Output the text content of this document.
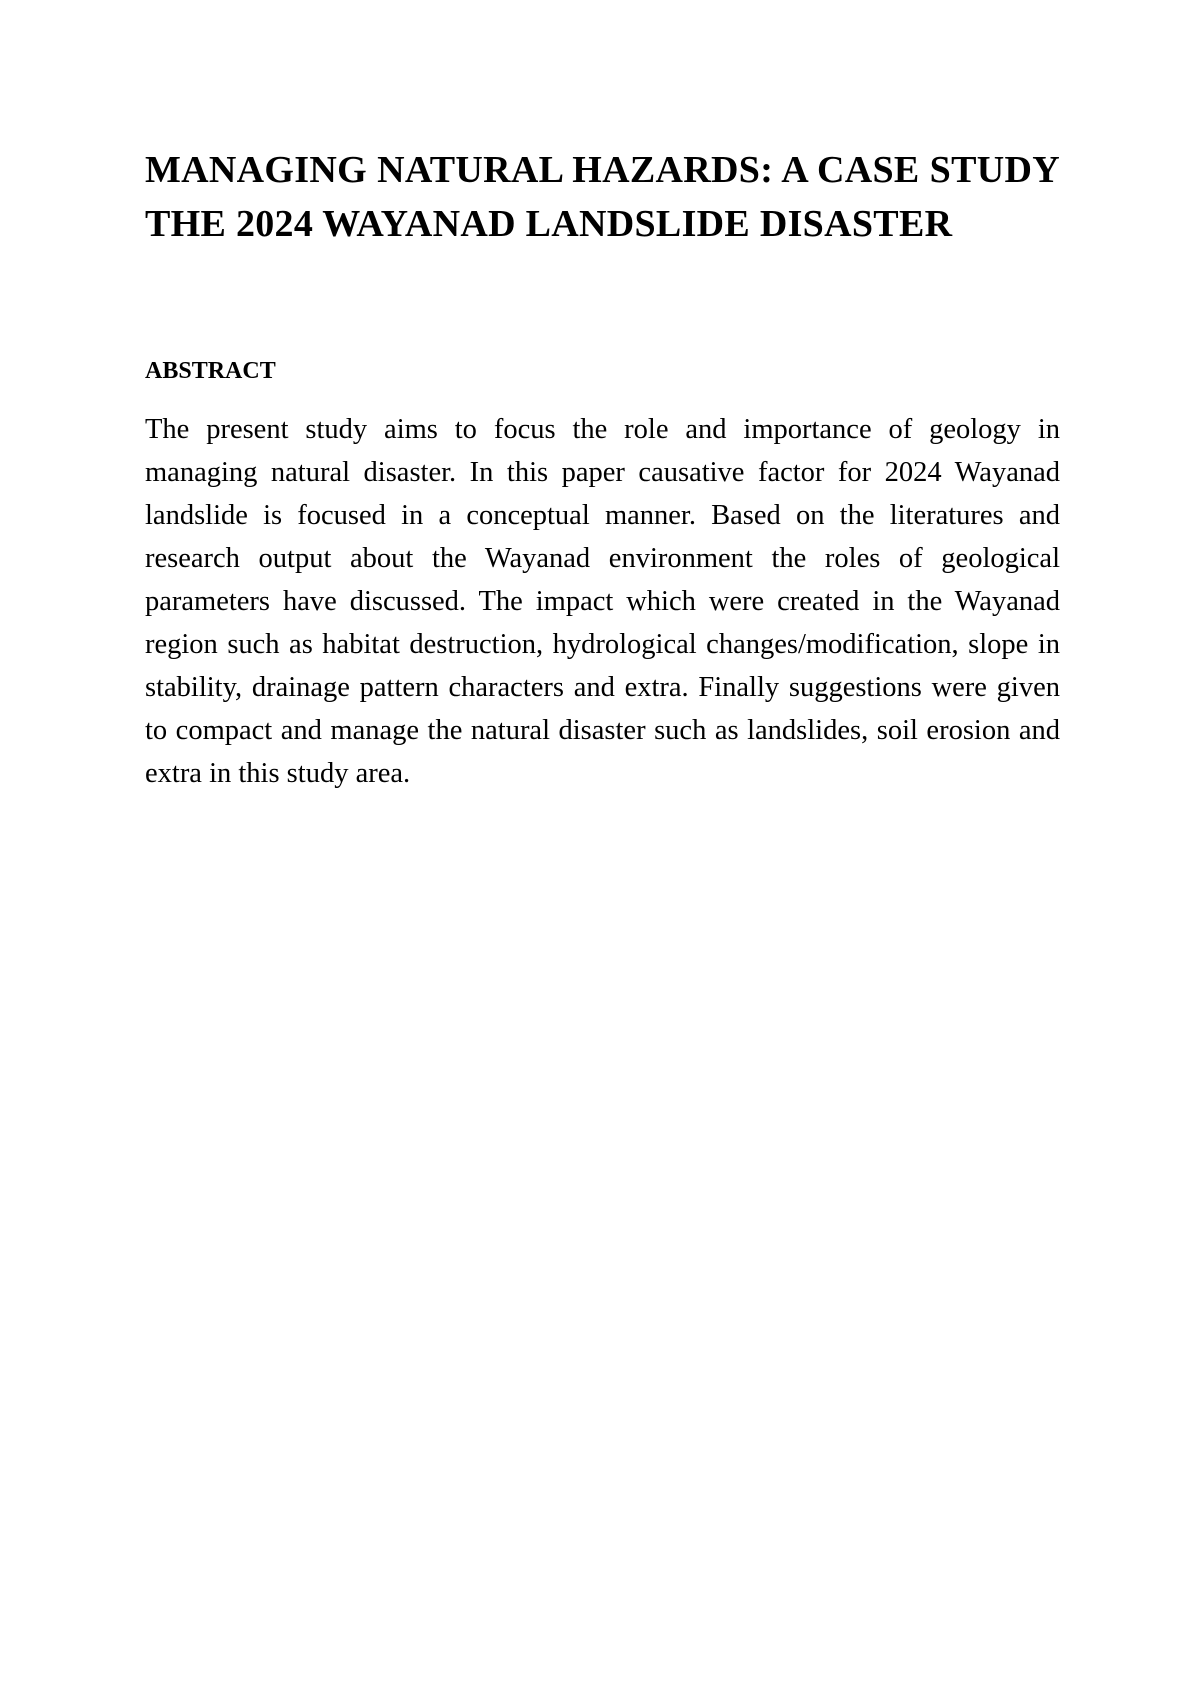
MANAGING NATURAL HAZARDS: A CASE STUDY THE 2024 WAYANAD LANDSLIDE DISASTER
ABSTRACT

The present study aims to focus the role and importance of geology in managing natural disaster. In this paper causative factor for 2024 Wayanad landslide is focused in a conceptual manner. Based on the literatures and research output about the Wayanad environment the roles of geological parameters have discussed. The impact which were created in the Wayanad region such as habitat destruction, hydrological changes/modification, slope in stability, drainage pattern characters and extra. Finally suggestions were given to compact and manage the natural disaster such as landslides, soil erosion and extra in this study area.
